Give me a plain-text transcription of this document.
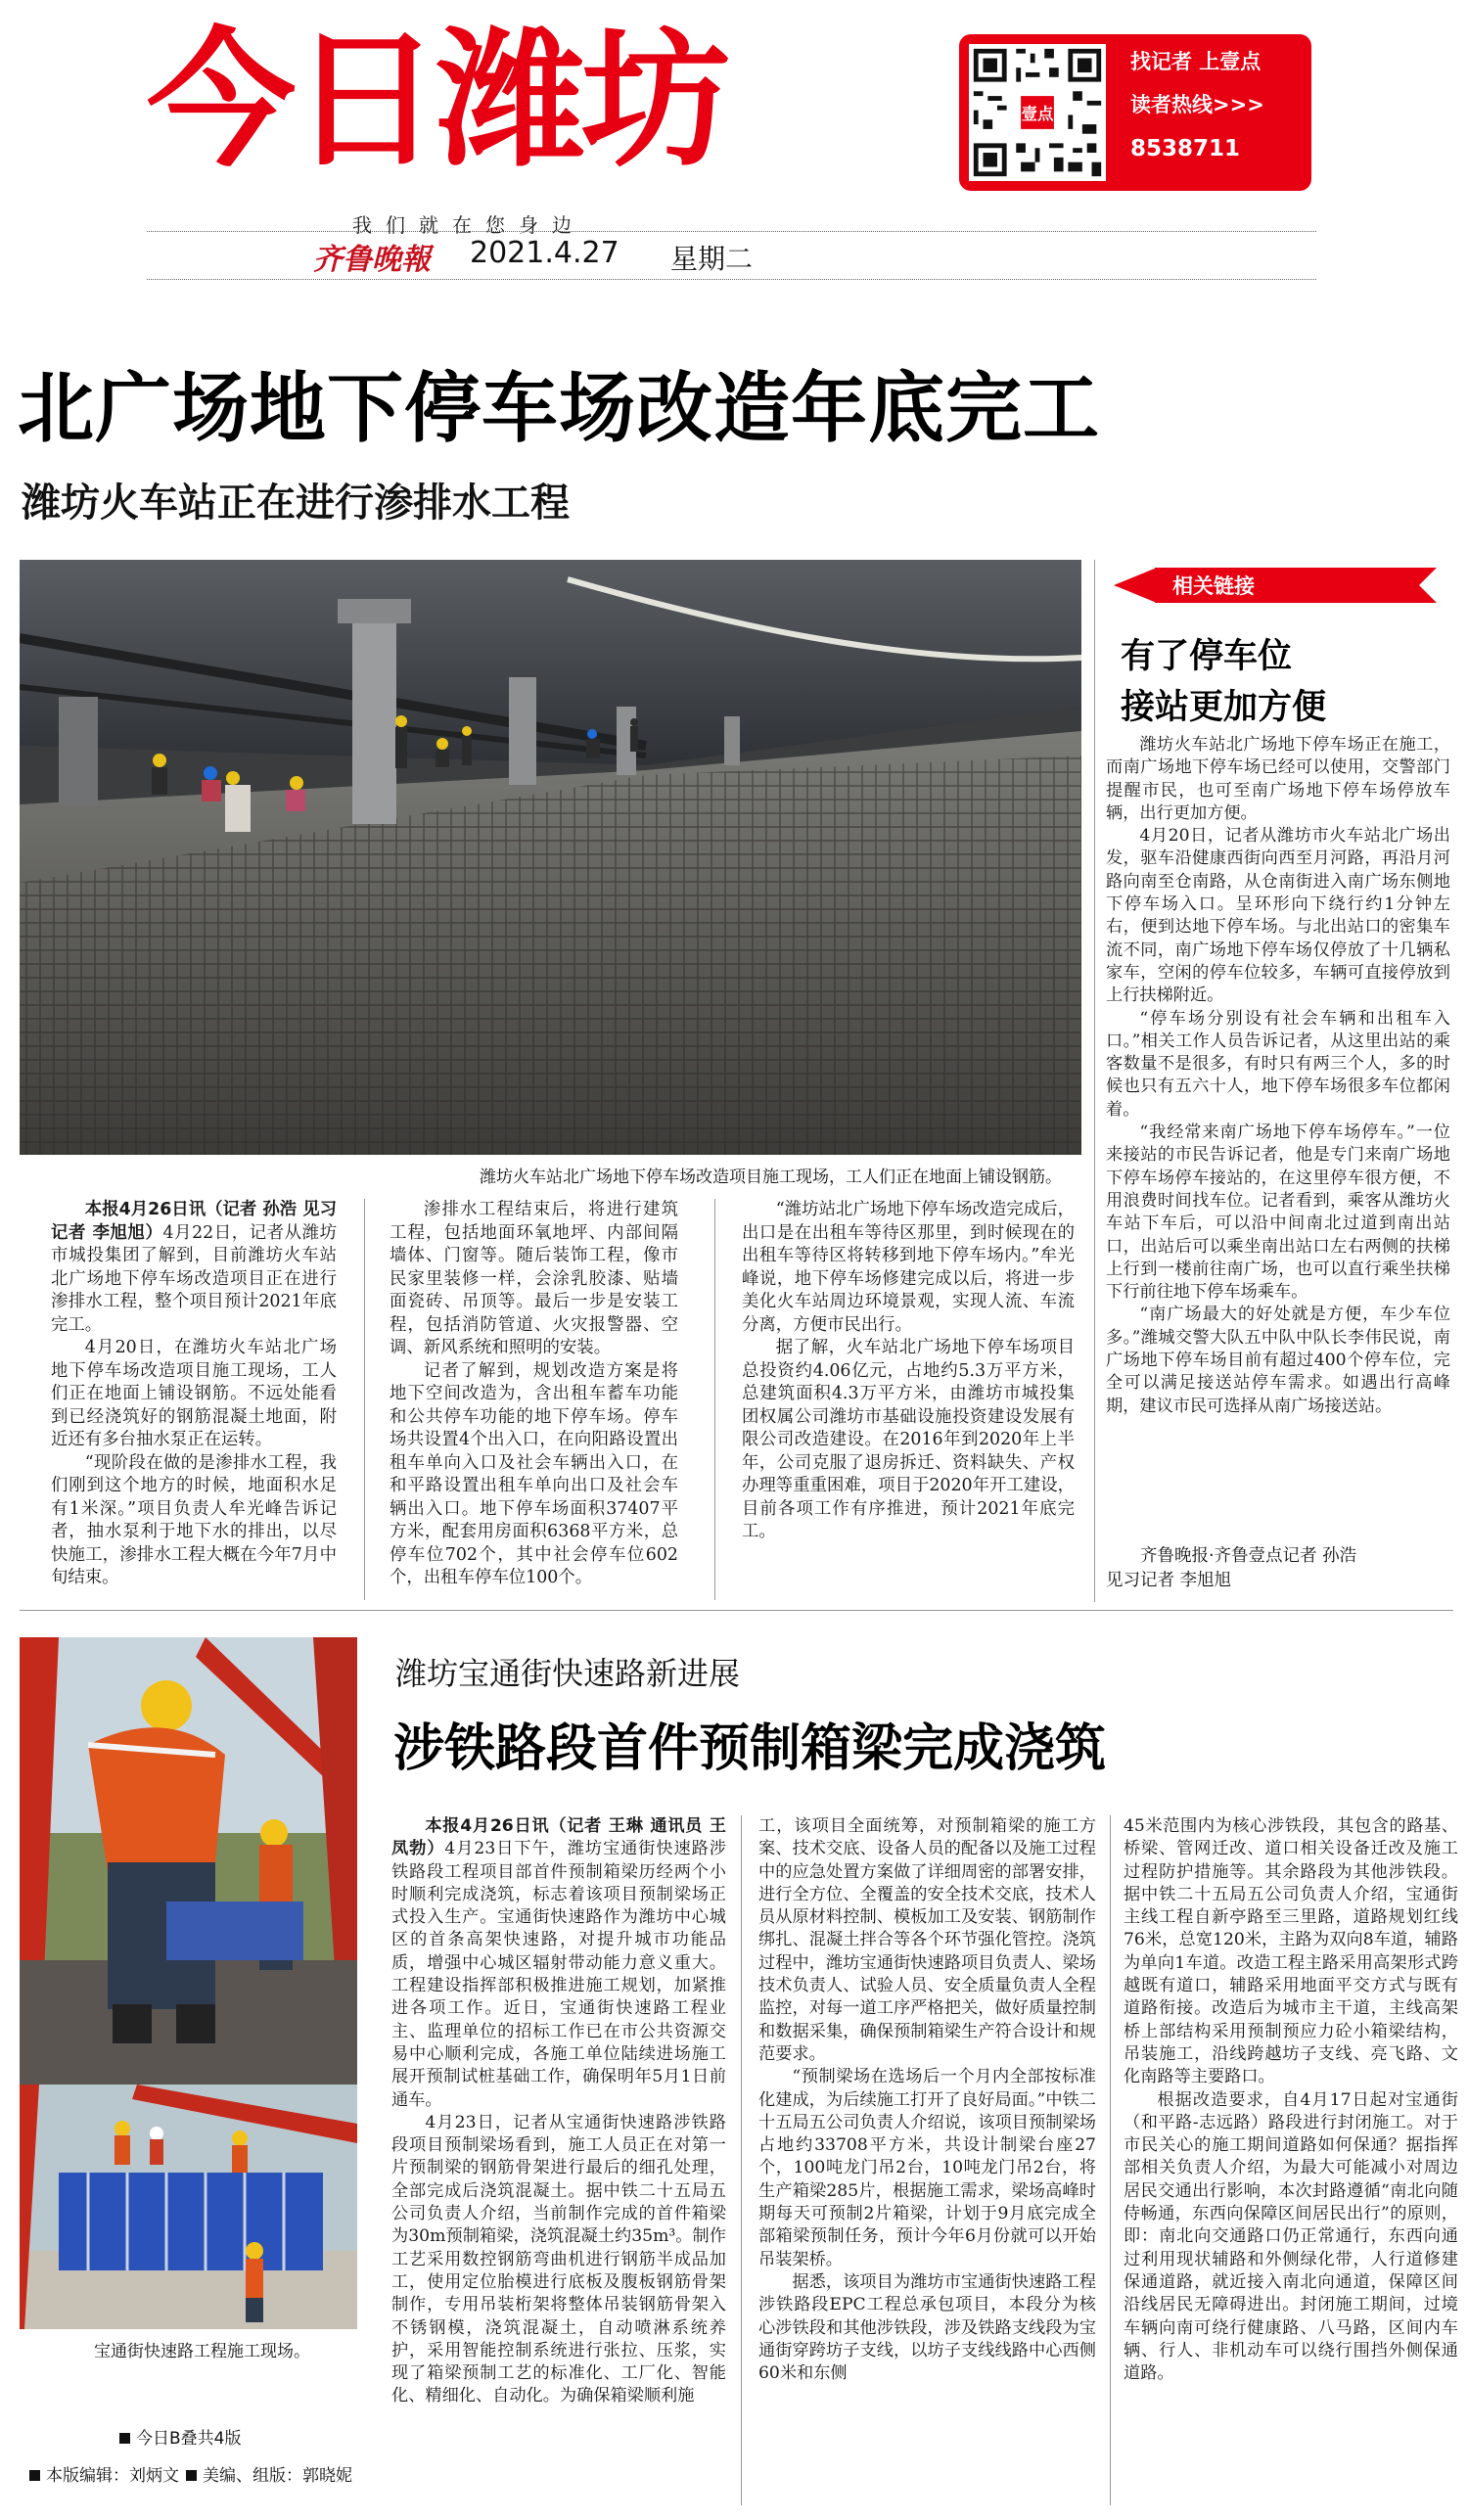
今日潍坊
我们就在您身边
齐鲁晚報 2021.4.27 星期二
壹点
找记者 上壹点
读者热线>>>
8538711
北广场地下停车场改造年底完工
潍坊火车站正在进行渗排水工程
潍坊火车站北广场地下停车场改造项目施工现场，工人们正在地面上铺设钢筋。

本报4月26日讯（记者 孙浩 见习记者 李旭旭）4月22日，记者从潍坊市城投集团了解到，目前潍坊火车站北广场地下停车场改造项目正在进行渗排水工程，整个项目预计2021年底完工。

4月20日，在潍坊火车站北广场地下停车场改造项目施工现场，工人们正在地面上铺设钢筋。不远处能看到已经浇筑好的钢筋混凝土地面，附近还有多台抽水泵正在运转。

“现阶段在做的是渗排水工程，我们刚到这个地方的时候，地面积水足有1米深。”项目负责人牟光峰告诉记者，抽水泵利于地下水的排出，以尽快施工，渗排水工程大概在今年7月中旬结束。

渗排水工程结束后，将进行建筑工程，包括地面环氧地坪、内部间隔墙体、门窗等。随后装饰工程，像市民家里装修一样，会涂乳胶漆、贴墙面瓷砖、吊顶等。最后一步是安装工程，包括消防管道、火灾报警器、空调、新风系统和照明的安装。

记者了解到，规划改造方案是将地下空间改造为，含出租车蓄车功能和公共停车功能的地下停车场。停车场共设置4个出入口，在向阳路设置出租车单向入口及社会车辆出入口，在和平路设置出租车单向出口及社会车辆出入口。地下停车场面积37407平方米，配套用房面积6368平方米，总停车位702个，其中社会停车位602个，出租车停车位100个。

“潍坊站北广场地下停车场改造完成后，出口是在出租车等待区那里，到时候现在的出租车等待区将转移到地下停车场内。”牟光峰说，地下停车场修建完成以后，将进一步美化火车站周边环境景观，实现人流、车流分离，方便市民出行。

据了解，火车站北广场地下停车场项目总投资约4.06亿元，占地约5.3万平方米，总建筑面积4.3万平方米，由潍坊市城投集团权属公司潍坊市基础设施投资建设发展有限公司改造建设。在2016年到2020年上半年，公司克服了退房拆迁、资料缺失、产权办理等重重困难，项目于2020年开工建设，目前各项工作有序推进，预计2021年底完工。

相关链接
有了停车位
接站更加方便

潍坊火车站北广场地下停车场正在施工，而南广场地下停车场已经可以使用，交警部门提醒市民，也可至南广场地下停车场停放车辆，出行更加方便。

4月20日，记者从潍坊市火车站北广场出发，驱车沿健康西街向西至月河路，再沿月河路向南至仓南路，从仓南街进入南广场东侧地下停车场入口。呈环形向下绕行约1分钟左右，便到达地下停车场。与北出站口的密集车流不同，南广场地下停车场仅停放了十几辆私家车，空闲的停车位较多，车辆可直接停放到上行扶梯附近。

“停车场分别设有社会车辆和出租车入口。”相关工作人员告诉记者，从这里出站的乘客数量不是很多，有时只有两三个人，多的时候也只有五六十人，地下停车场很多车位都闲着。

“我经常来南广场地下停车场停车。”一位来接站的市民告诉记者，他是专门来南广场地下停车场停车接站的，在这里停车很方便，不用浪费时间找车位。记者看到，乘客从潍坊火车站下车后，可以沿中间南北过道到南出站口，出站后可以乘坐南出站口左右两侧的扶梯上行到一楼前往南广场，也可以直行乘坐扶梯下行前往地下停车场乘车。

“南广场最大的好处就是方便，车少车位多。”潍城交警大队五中队中队长李伟民说，南广场地下停车场目前有超过400个停车位，完全可以满足接送站停车需求。如遇出行高峰期，建议市民可选择从南广场接送站。

齐鲁晚报·齐鲁壹点记者 孙浩
见习记者 李旭旭
宝通街快速路工程施工现场。
潍坊宝通街快速路新进展
涉铁路段首件预制箱梁完成浇筑

本报4月26日讯（记者 王琳 通讯员 王凤勃）4月23日下午，潍坊宝通街快速路涉铁路段工程项目部首件预制箱梁历经两个小时顺利完成浇筑，标志着该项目预制梁场正式投入生产。宝通街快速路作为潍坊中心城区的首条高架快速路，对提升城市功能品质，增强中心城区辐射带动能力意义重大。工程建设指挥部积极推进施工规划，加紧推进各项工作。近日，宝通街快速路工程业主、监理单位的招标工作已在市公共资源交易中心顺利完成，各施工单位陆续进场施工展开预制试桩基础工作，确保明年5月1日前通车。

4月23日，记者从宝通街快速路涉铁路段项目预制梁场看到，施工人员正在对第一片预制梁的钢筋骨架进行最后的细孔处理，全部完成后浇筑混凝土。据中铁二十五局五公司负责人介绍，当前制作完成的首件箱梁为30m预制箱梁，浇筑混凝土约35m³。制作工艺采用数控钢筋弯曲机进行钢筋半成品加工，使用定位胎模进行底板及腹板钢筋骨架制作，专用吊装桁架将整体吊装钢筋骨架入不锈钢模，浇筑混凝土，自动喷淋系统养护，采用智能控制系统进行张拉、压浆，实现了箱梁预制工艺的标准化、工厂化、智能化、精细化、自动化。为确保箱梁顺利施

工，该项目全面统筹，对预制箱梁的施工方案、技术交底、设备人员的配备以及施工过程中的应急处置方案做了详细周密的部署安排，进行全方位、全覆盖的安全技术交底，技术人员从原材料控制、模板加工及安装、钢筋制作绑扎、混凝土拌合等各个环节强化管控。浇筑过程中，潍坊宝通街快速路项目负责人、梁场技术负责人、试验人员、安全质量负责人全程监控，对每一道工序严格把关，做好质量控制和数据采集，确保预制箱梁生产符合设计和规范要求。

“预制梁场在选场后一个月内全部按标准化建成，为后续施工打开了良好局面。”中铁二十五局五公司负责人介绍说，该项目预制梁场占地约33708平方米，共设计制梁台座27个，100吨龙门吊2台，10吨龙门吊2台，将生产箱梁285片，根据施工需求，梁场高峰时期每天可预制2片箱梁，计划于9月底完成全部箱梁预制任务，预计今年6月份就可以开始吊装架桥。

据悉，该项目为潍坊市宝通街快速路工程涉铁路段EPC工程总承包项目，本段分为核心涉铁段和其他涉铁段，涉及铁路支线段为宝通街穿跨坊子支线，以坊子支线线路中心西侧60米和东侧

45米范围内为核心涉铁段，其包含的路基、桥梁、管网迁改、道口相关设备迁改及施工过程防护措施等。其余路段为其他涉铁段。据中铁二十五局五公司负责人介绍，宝通街主线工程自新亭路至三里路，道路规划红线76米，总宽120米，主路为双向8车道，辅路为单向1车道。改造工程主路采用高架形式跨越既有道口，辅路采用地面平交方式与既有道路衔接。改造后为城市主干道，主线高架桥上部结构采用预制预应力砼小箱梁结构，吊装施工，沿线跨越坊子支线、亮飞路、文化南路等主要路口。

根据改造要求，自4月17日起对宝通街（和平路-志远路）路段进行封闭施工。对于市民关心的施工期间道路如何保通？据指挥部相关负责人介绍，为最大可能减小对周边居民交通出行影响，本次封路遵循“南北向随侍畅通，东西向保障区间居民出行”的原则，即：南北向交通路口仍正常通行，东西向通过利用现状辅路和外侧绿化带，人行道修建保通道路，就近接入南北向通道，保障区间沿线居民无障碍进出。封闭施工期间，过境车辆向南可绕行健康路、八马路，区间内车辆、行人、非机动车可以绕行围挡外侧保通道路。

今日B叠共4版
本版编辑：刘炳文	美编、组版：郭晓妮
